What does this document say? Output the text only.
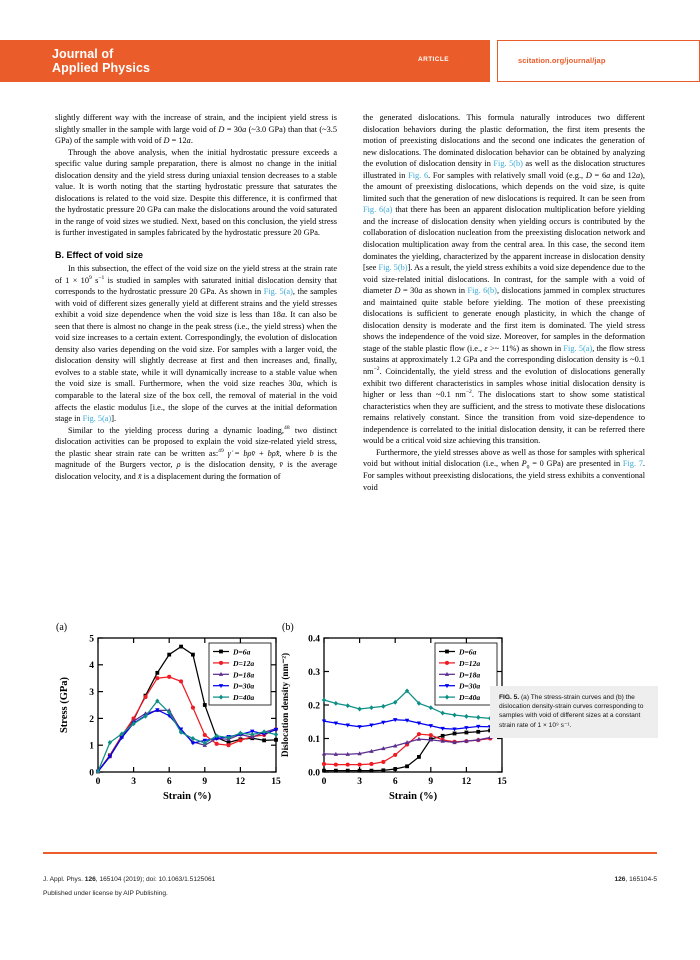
Journal of
Applied Physics
ARTICLE	scitation.org/journal/jap

slightly different way with the increase of strain, and the incipient yield stress is slightly smaller in the sample with large void of D = 30a (~3.0 GPa) than that (~3.5 GPa) of the sample with void of D = 12a.

Through the above analysis, when the initial hydrostatic pressure exceeds a specific value during sample preparation, there is almost no change in the initial dislocation density and the yield stress during uniaxial tension decreases to a stable value. It is worth noting that the starting hydrostatic pressure that saturates the dislocations is related to the void size. Despite this difference, it is confirmed that the hydrostatic pressure 20 GPa can make the dislocations around the void saturated in the range of void sizes we studied. Next, based on this conclusion, the yield stress is further investigated in samples fabricated by the hydrostatic pressure 20 GPa.

B. Effect of void size

In this subsection, the effect of the void size on the yield stress at the strain rate of $1 \times 10^9$ $s^{-1}$ is studied in samples with saturated initial dislocation density that corresponds to the hydrostatic pressure 20 GPa. As shown in Fig. 5(a), the samples with void of different sizes generally yield at different strains and the yield stresses exhibit a void size dependence when the void size is less than 18a. It can also be seen that there is almost no change in the peak stress (i.e., the yield stress) when the void size increases to a certain extent. Correspondingly, the evolution of dislocation density also varies depending on the void size. For samples with a larger void, the dislocation density will slightly decrease at first and then increases and, finally, evolves to a stable state, while it will dynamically increase to a stable value when the void size is small. Furthermore, when the void size reaches 30a, which is comparable to the lateral size of the box cell, the removal of material in the void affects the elastic modulus [i.e., the slope of the curves at the initial deformation stage in Fig. 5(a)].

Similar to the yielding process during a dynamic loading,$^{48}$ two distinct dislocation activities can be proposed to explain the void size-related yield stress, the plastic shear strain rate can be written as:$^{49}$ γ̇ = bρv̄ + bρ̇x̄, where b is the magnitude of the Burgers vector, ρ is the dislocation density, v̄ is the average dislocation velocity, and x̄ is a displacement during the formation of

the generated dislocations. This formula naturally introduces two different dislocation behaviors during the plastic deformation, the first item presents the motion of preexisting dislocations and the second one indicates the generation of new dislocations. The dominated dislocation behavior can be obtained by analyzing the evolution of dislocation density in Fig. 5(b) as well as the dislocation structures illustrated in Fig. 6. For samples with relatively small void (e.g., D = 6a and 12a), the amount of preexisting dislocations, which depends on the void size, is quite limited such that the generation of new dislocations is required. It can be seen from Fig. 6(a) that there has been an apparent dislocation multiplication before yielding and the increase of dislocation density when yielding occurs is contributed by the collaboration of dislocation nucleation from the preexisting dislocation network and dislocation multiplication away from the central area. In this case, the second item dominates the yielding, characterized by the apparent increase in dislocation density [see Fig. 5(b)]. As a result, the yield stress exhibits a void size dependence due to the void size-related initial dislocations. In contrast, for the sample with a void of diameter D = 30a as shown in Fig. 6(b), dislocations jammed in complex structures and maintained quite stable before yielding. The motion of these preexisting dislocations is sufficient to generate enough plasticity, in which the change of dislocation density is moderate and the first item is dominated. The yield stress shows the independence of the void size. Moreover, for samples in the deformation stage of the stable plastic flow (i.e., ε >~ 11%) as shown in Fig. 5(a), the flow stress sustains at approximately 1.2 GPa and the corresponding dislocation density is ~0.1 $nm^{-2}$. Coincidentally, the yield stress and the evolution of dislocations generally exhibit two different characteristics in samples whose initial dislocation density is higher or less than ~0.1 $nm^{-2}$. The dislocations start to show some statistical characteristics when they are sufficient, and the stress to motivate these dislocations remains relatively constant. Since the transition from void size-dependence to independence is correlated to the initial dislocation density, it can be referred there would be a critical void size achieving this transition.

Furthermore, the yield stresses above as well as those for samples with spherical void but without initial dislocation (i.e., when $P_0 = 0$ GPa) are presented in Fig. 7. For samples without preexisting dislocations, the yield stress exhibits a conventional void

(a)
0	3	6	9	12	15
0
1
2
3
4
5
Strain (%)
Stress (GPa)
D=6a
D=12a
D=18a
D=30a
D=40a
(b)
0	3	6	9	12	15
0.0
0.1
0.2
0.3
0.4
Strain (%)
Dislocation density (nm⁻²)
D=6a
D=12a
D=18a
D=30a
D=40a	FIG. 5. (a) The stress-strain curves and (b) the dislocation density-strain curves corresponding to samples with void of different sizes at a constant strain rate of 1 × 10⁹ s⁻¹.
J. Appl. Phys. 126, 165104 (2019); doi: 10.1063/1.5125061	126, 165104-5
Published under license by AIP Publishing.
